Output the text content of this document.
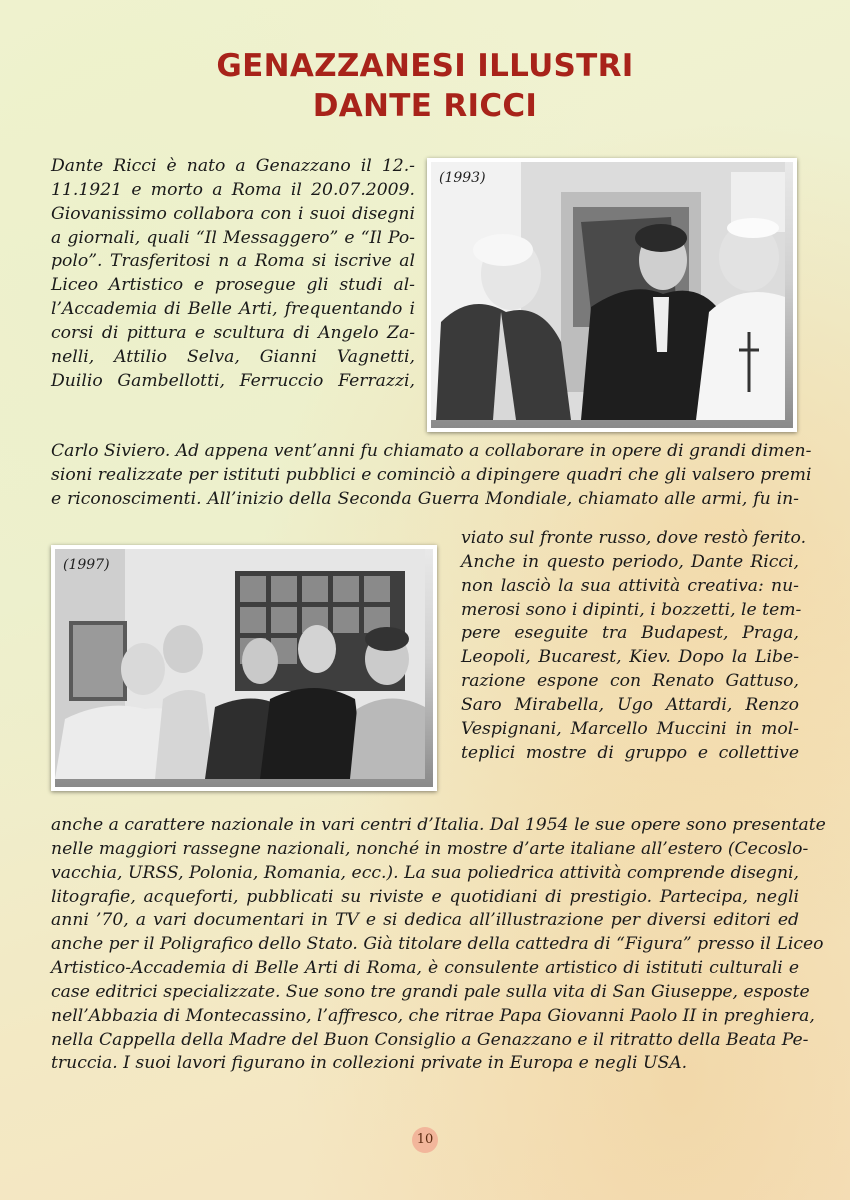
GENAZZANESI ILLUSTRI
DANTE RICCI
(1993)
(1997)
Dante Ricci è nato a Genazzano il 12.-
11.1921 e morto a Roma il 20.07.2009.
Giovanissimo collabora con i suoi disegni
a giornali, quali “Il Messaggero” e “Il Po-
polo”. Trasferitosi n a Roma si iscrive al
Liceo Artistico e prosegue gli studi al-
l’Accademia di Belle Arti, frequentando i
corsi di pittura e scultura di Angelo Za-
nelli, Attilio Selva, Gianni Vagnetti,
Duilio Gambellotti, Ferruccio Ferrazzi,
Carlo Siviero. Ad appena vent’anni fu chiamato a collaborare in opere di grandi dimen-
sioni realizzate per istituti pubblici e cominciò a dipingere quadri che gli valsero premi
e riconoscimenti. All’inizio della Seconda Guerra Mondiale, chiamato alle armi, fu in-
viato sul fronte russo, dove restò ferito.
Anche in questo periodo, Dante Ricci,
non lasciò la sua attività creativa: nu-
merosi sono i dipinti, i bozzetti, le tem-
pere eseguite tra Budapest, Praga,
Leopoli, Bucarest, Kiev. Dopo la Libe-
razione espone con Renato Gattuso,
Saro Mirabella, Ugo Attardi, Renzo
Vespignani, Marcello Muccini in mol-
teplici mostre di gruppo e collettive
anche a carattere nazionale in vari centri d’Italia. Dal 1954 le sue opere sono presentate
nelle maggiori rassegne nazionali, nonché in mostre d’arte italiane all’estero (Cecoslo-
vacchia, URSS, Polonia, Romania, ecc.). La sua poliedrica attività comprende disegni,
litografie, acqueforti, pubblicati su riviste e quotidiani di prestigio. Partecipa, negli
anni ’70, a vari documentari in TV e si dedica all’illustrazione per diversi editori ed
anche per il Poligrafico dello Stato. Già titolare della cattedra di “Figura” presso il Liceo
Artistico-Accademia di Belle Arti di Roma, è consulente artistico di istituti culturali e
case editrici specializzate. Sue sono tre grandi pale sulla vita di San Giuseppe, esposte
nell’Abbazia di Montecassino, l’affresco, che ritrae Papa Giovanni Paolo II in preghiera,
nella Cappella della Madre del Buon Consiglio a Genazzano e il ritratto della Beata Pe-
truccia. I suoi lavori figurano in collezioni private in Europa e negli USA.
10
